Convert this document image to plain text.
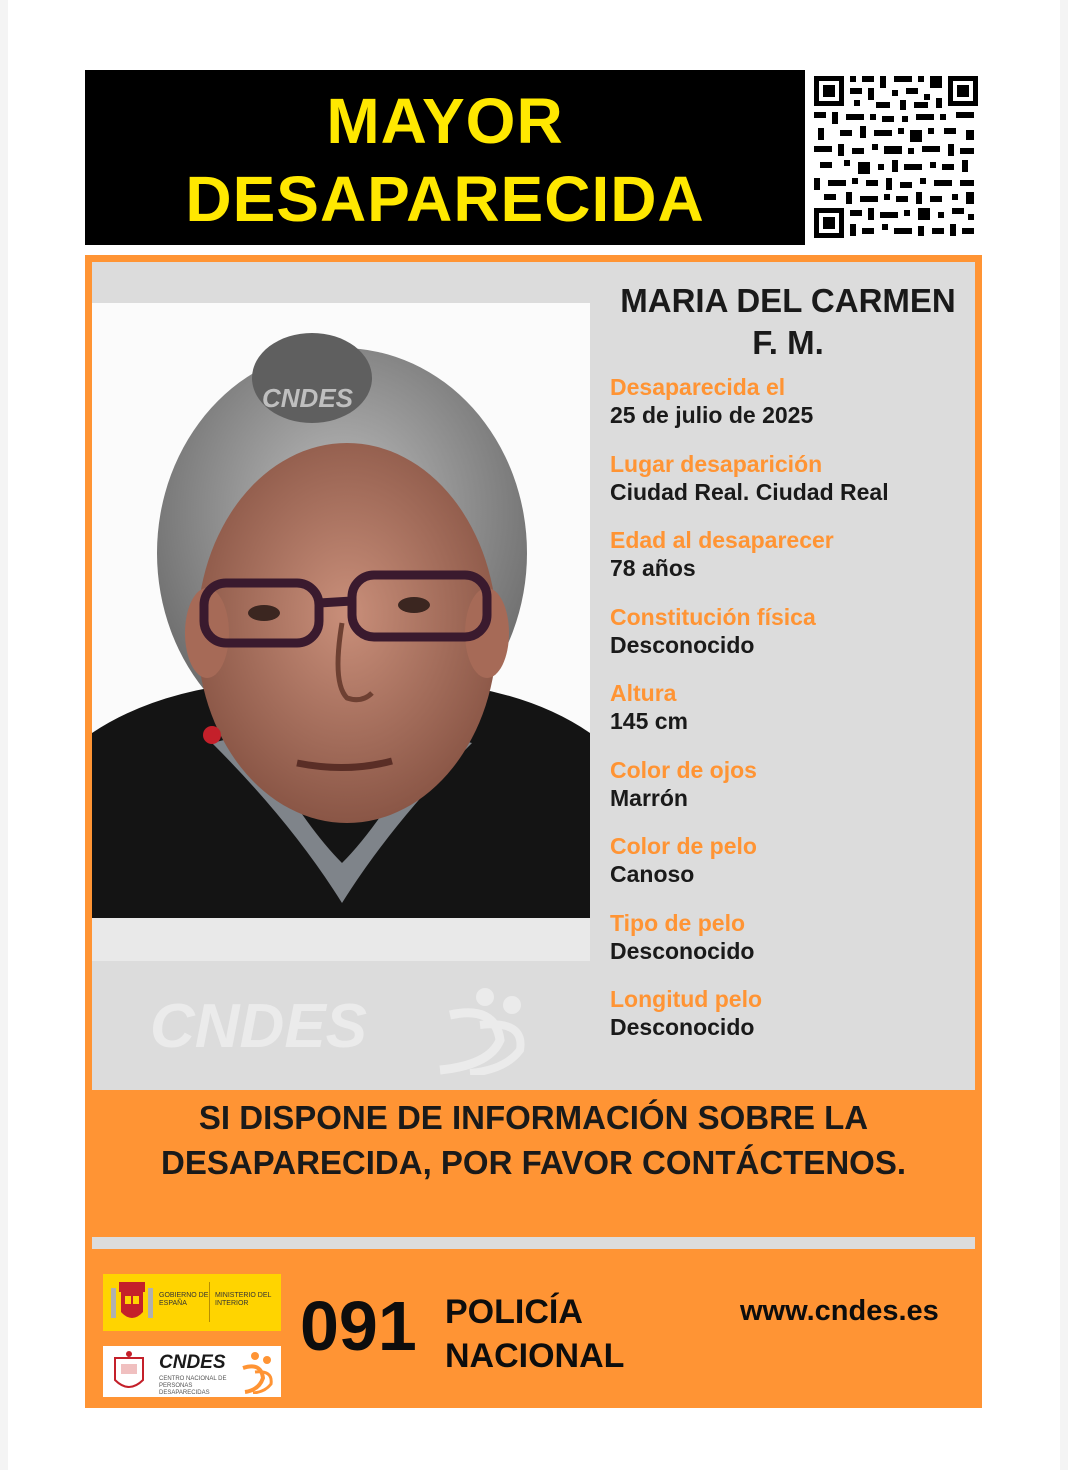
MAYOR
DESAPARECIDA
CNDES
CNDES
MARIA DEL CARMEN
F. M.
Desaparecida el
25 de julio de 2025
Lugar desaparición
Ciudad Real. Ciudad Real
Edad al desaparecer
78 años
Constitución física
Desconocido
Altura
145 cm
Color de ojos
Marrón
Color de pelo
Canoso
Tipo de pelo
Desconocido
Longitud pelo
Desconocido
SI DISPONE DE INFORMACIÓN SOBRE LA
DESAPARECIDA, POR FAVOR CONTÁCTENOS.
GOBIERNO DE ESPAÑA
MINISTERIO DEL INTERIOR
CNDES
CENTRO NACIONAL DE PERSONAS DESAPARECIDAS
091 POLICÍA
NACIONAL
www.cndes.es
